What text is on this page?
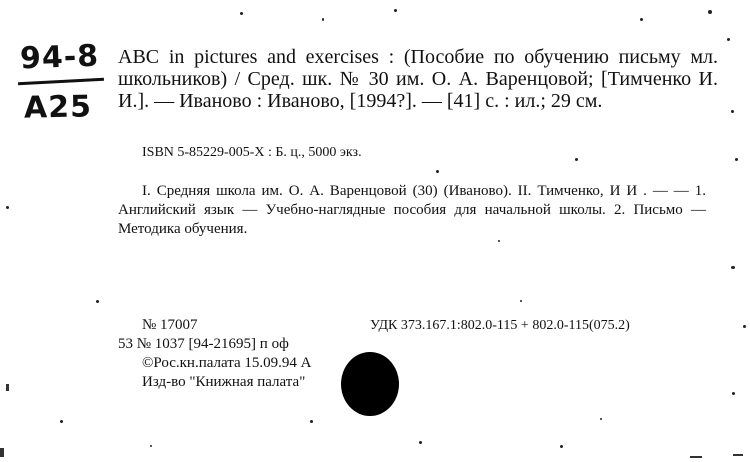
94-8
A25
ABC in pictures and exercises : (Пособие по обучению письму мл. школьников) / Сред. шк. № 30 им. О. А. Варенцовой; [Тимченко И. И.]. — Иваново : Иваново, [1994?]. — [41] с. : ил.; 29 см.
ISBN 5-85229-005-X : Б. ц., 5000 экз.
I. Средняя школа им. О. А. Варенцовой (30) (Иваново). II. Тимченко, И И . — — 1. Английский язык — Учебно-наглядные пособия для начальной школы. 2. Письмо — Методика обучения.
№ 17007
53 № 1037 [94-21695] п оф
©Рос.кн.палата 15.09.94 А
Изд-во "Книжная палата"
УДК 373.167.1:802.0-115 + 802.0-115(075.2)
